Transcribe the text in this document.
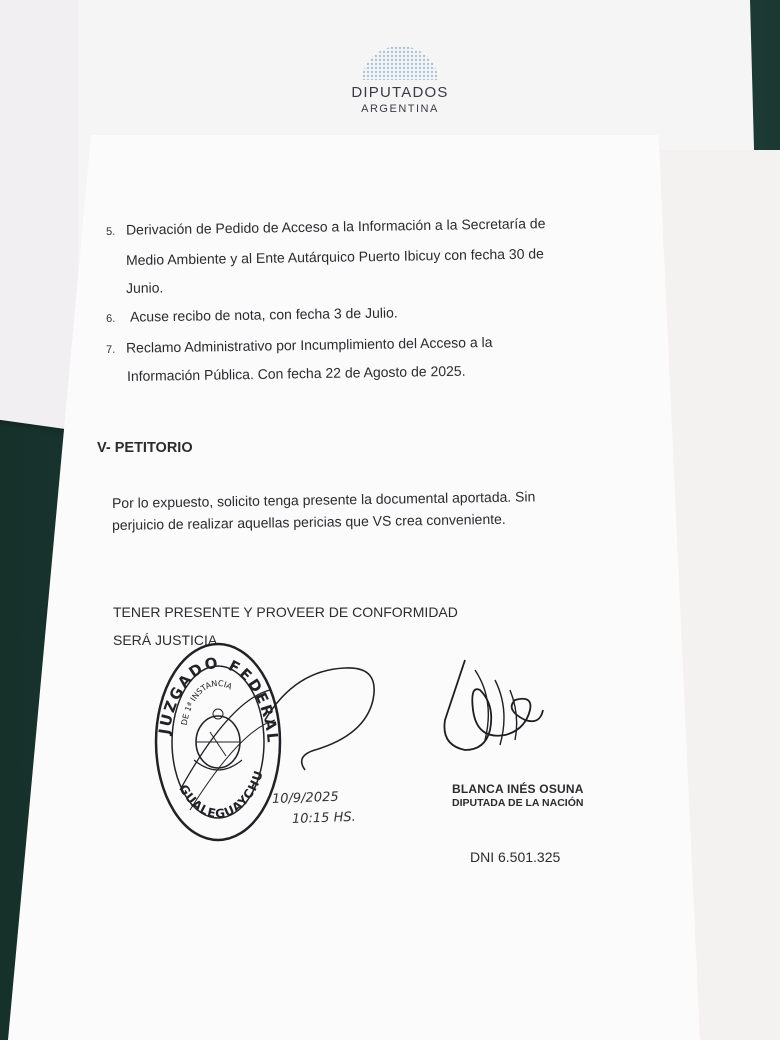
DIPUTADOS
ARGENTINA
5. Derivación de Pedido de Acceso a la Información a la Secretaría de
Medio Ambiente y al Ente Autárquico Puerto Ibicuy con fecha 30 de
Junio.
6. Acuse recibo de nota, con fecha 3 de Julio.
7. Reclamo Administrativo por Incumplimiento del Acceso a la
Información Pública. Con fecha 22 de Agosto de 2025.
V- PETITORIO
Por lo expuesto, solicito tenga presente la documental aportada. Sin
perjuicio de realizar aquellas pericias que VS crea conveniente.
TENER PRESENTE Y PROVEER DE CONFORMIDAD
SERÁ JUSTICIA.
JUZGADO FEDERAL
DE 1ª INSTANCIA
GUALEGUAYCHU
10/9/2025
10:15 HS.
BLANCA INÉS OSUNA
DIPUTADA DE LA NACIÓN
DNI 6.501.325
